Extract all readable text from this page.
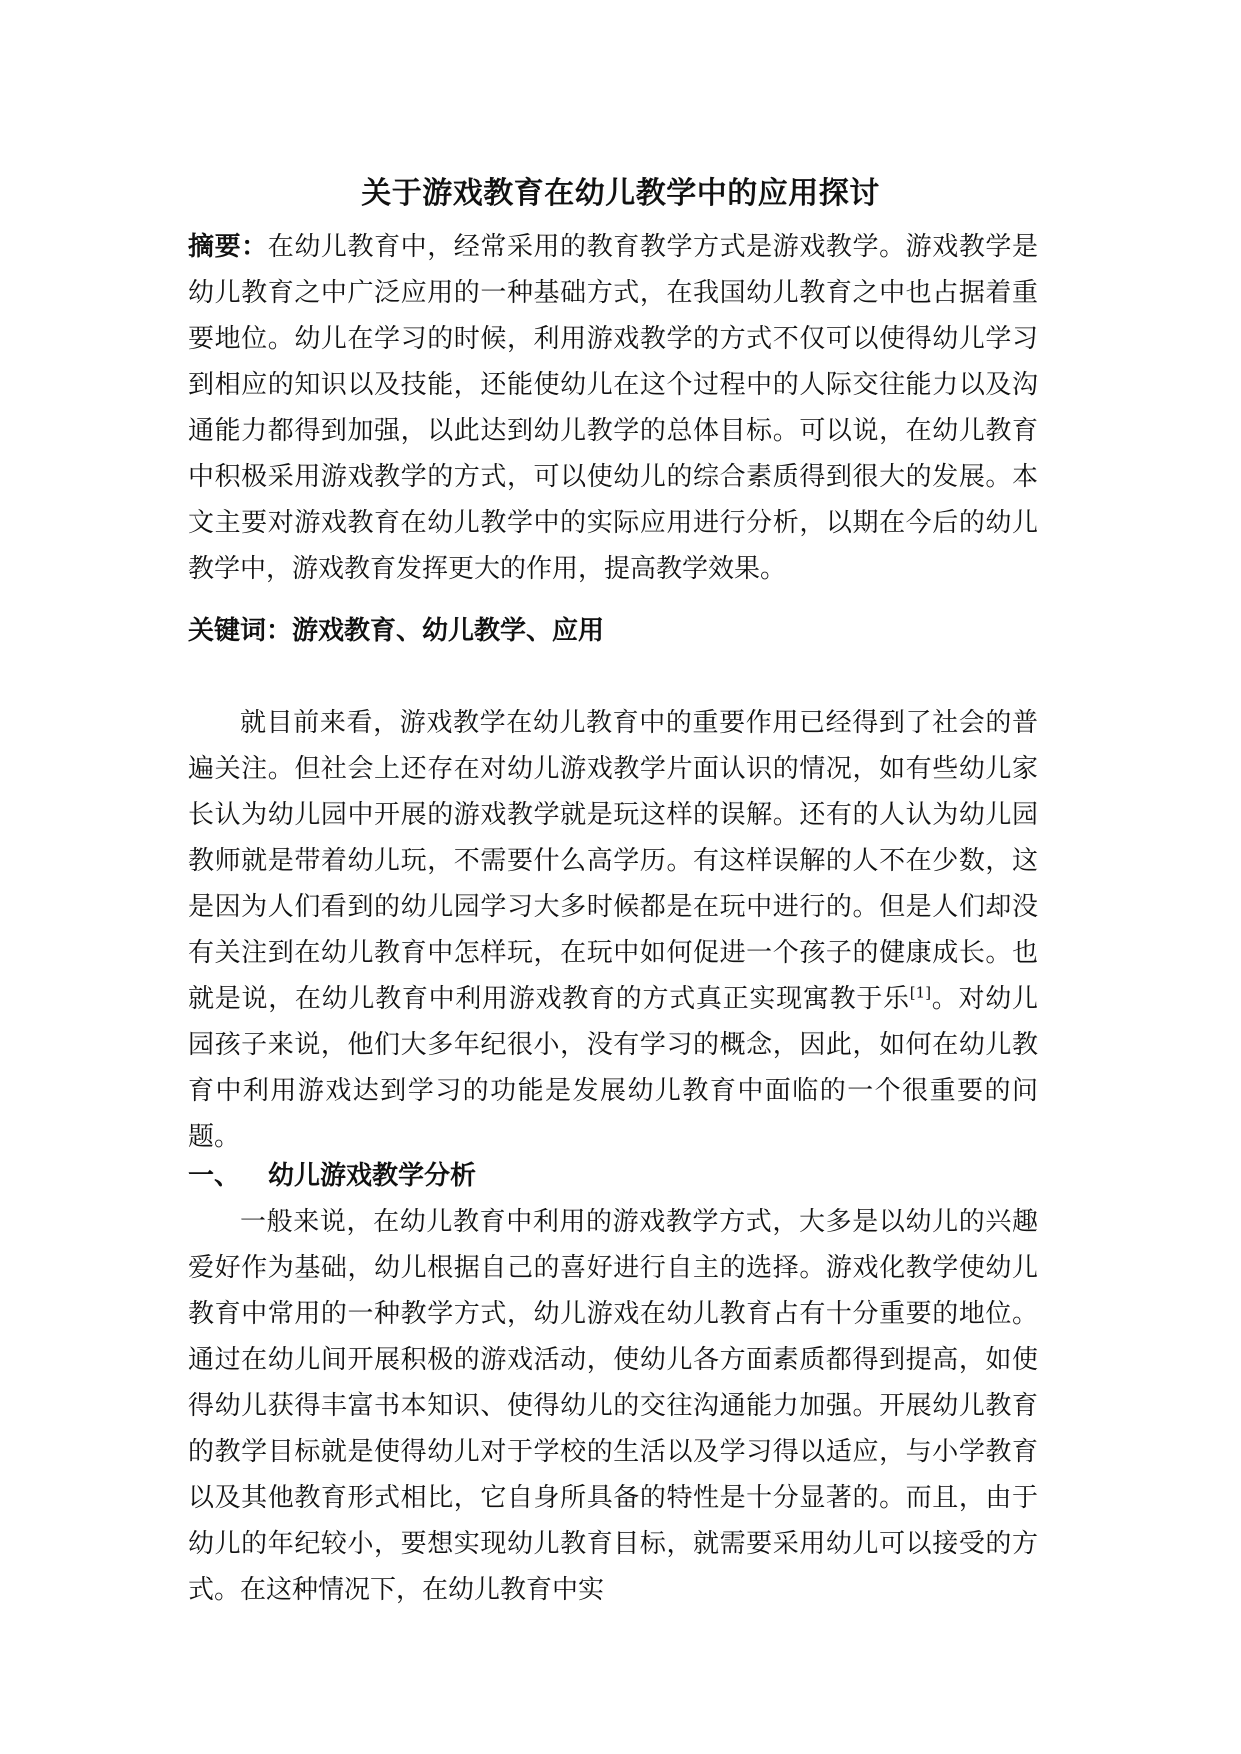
关于游戏教育在幼儿教学中的应用探讨
摘要：在幼儿教育中，经常采用的教育教学方式是游戏教学。游戏教学是幼儿教育之中广泛应用的一种基础方式，在我国幼儿教育之中也占据着重要地位。幼儿在学习的时候，利用游戏教学的方式不仅可以使得幼儿学习到相应的知识以及技能，还能使幼儿在这个过程中的人际交往能力以及沟通能力都得到加强，以此达到幼儿教学的总体目标。可以说，在幼儿教育中积极采用游戏教学的方式，可以使幼儿的综合素质得到很大的发展。本文主要对游戏教育在幼儿教学中的实际应用进行分析，以期在今后的幼儿教学中，游戏教育发挥更大的作用，提高教学效果。
关键词：游戏教育、幼儿教学、应用
就目前来看，游戏教学在幼儿教育中的重要作用已经得到了社会的普遍关注。但社会上还存在对幼儿游戏教学片面认识的情况，如有些幼儿家长认为幼儿园中开展的游戏教学就是玩这样的误解。还有的人认为幼儿园教师就是带着幼儿玩，不需要什么高学历。有这样误解的人不在少数，这是因为人们看到的幼儿园学习大多时候都是在玩中进行的。但是人们却没有关注到在幼儿教育中怎样玩，在玩中如何促进一个孩子的健康成长。也就是说，在幼儿教育中利用游戏教育的方式真正实现寓教于乐[1]。对幼儿园孩子来说，他们大多年纪很小，没有学习的概念，因此，如何在幼儿教育中利用游戏达到学习的功能是发展幼儿教育中面临的一个很重要的问题。
一、 幼儿游戏教学分析
一般来说，在幼儿教育中利用的游戏教学方式，大多是以幼儿的兴趣爱好作为基础，幼儿根据自己的喜好进行自主的选择。游戏化教学使幼儿教育中常用的一种教学方式，幼儿游戏在幼儿教育占有十分重要的地位。通过在幼儿间开展积极的游戏活动，使幼儿各方面素质都得到提高，如使得幼儿获得丰富书本知识、使得幼儿的交往沟通能力加强。开展幼儿教育的教学目标就是使得幼儿对于学校的生活以及学习得以适应，与小学教育以及其他教育形式相比，它自身所具备的特性是十分显著的。而且，由于幼儿的年纪较小，要想实现幼儿教育目标，就需要采用幼儿可以接受的方式。在这种情况下，在幼儿教育中实
